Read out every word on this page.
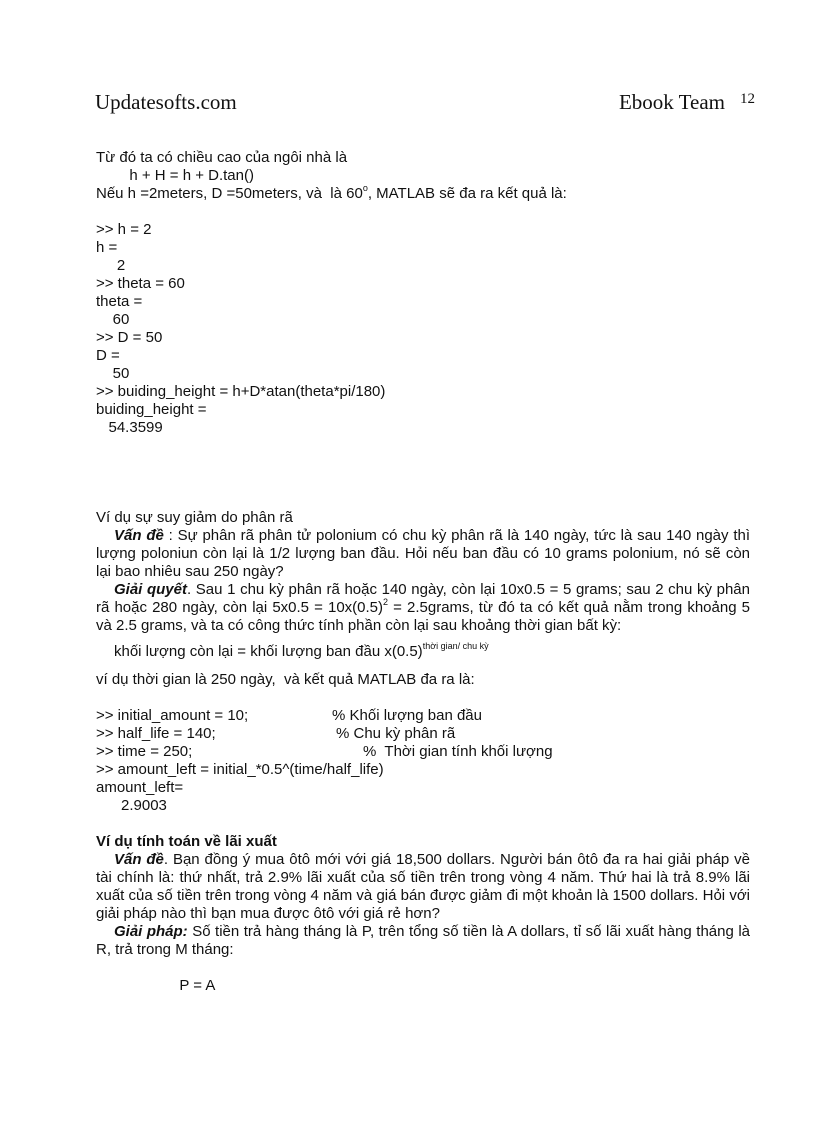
Updatesofts.com	Ebook Team 12
Từ đó ta có chiều cao của ngôi nhà là
h + H = h + D.tan()
Nếu h =2meters, D =50meters, và  là 60$^o$, MATLAB sẽ đa ra kết quả là:
>> h = 2
h =
2
>> theta = 60
theta =
60
>> D = 50
D =
50
>> buiding_height = h+D*atan(theta*pi/180)
buiding_height =
54.3599
Ví dụ sự suy giảm do phân rã

Vấn đề : Sự phân rã phân tử polonium có chu kỳ phân rã là 140 ngày, tức là sau 140 ngày thì lượng poloniun còn lại là 1/2 lượng ban đầu. Hỏi nếu ban đầu có 10 grams polonium, nó sẽ còn lại bao nhiêu sau 250 ngày?

Giải quyết. Sau 1 chu kỳ phân rã hoặc 140 ngày, còn lại 10x0.5 = 5 grams; sau 2 chu kỳ phân rã hoặc 280 ngày, còn lại $5x0.5 = 10x(0.5)^2$ = 2.5grams, từ đó ta có kết quả nằm trong khoảng 5 và 2.5 grams, và ta có công thức tính phần còn lại sau khoảng thời gian bất kỳ:

khối lượng còn lại = khối lượng ban đầu $x(0.5)^{thời gian/ chu kỳ}$
ví dụ thời gian là 250 ngày,  và kết quả MATLAB đa ra là:

>> initial_amount = 10;

	% Khối lượng ban đầu

>> half_life = 140;

	% Chu kỳ phân rã

>> time = 250;

	%  Thời gian tính khối lượng

>> amount_left = initial_*0.5^(time/half_life)
amount_left=
2.9003
Ví dụ tính toán về lãi xuất

Vấn đề. Bạn đồng ý mua ôtô mới với giá 18,500 dollars. Người bán ôtô đa ra hai giải pháp về tài chính là: thứ nhất, trả 2.9% lãi xuất của số tiền trên trong vòng 4 năm. Thứ hai là trả 8.9% lãi xuất của số tiền trên trong vòng 4 năm và giá bán được giảm đi một khoản là 1500 dollars. Hỏi với giải pháp nào thì bạn mua được ôtô với giá rẻ hơn?

Giải pháp: Số tiền trả hàng tháng là P, trên tổng số tiền là A dollars, tỉ số lãi xuất hàng tháng là R, trả trong M tháng:

P = A
